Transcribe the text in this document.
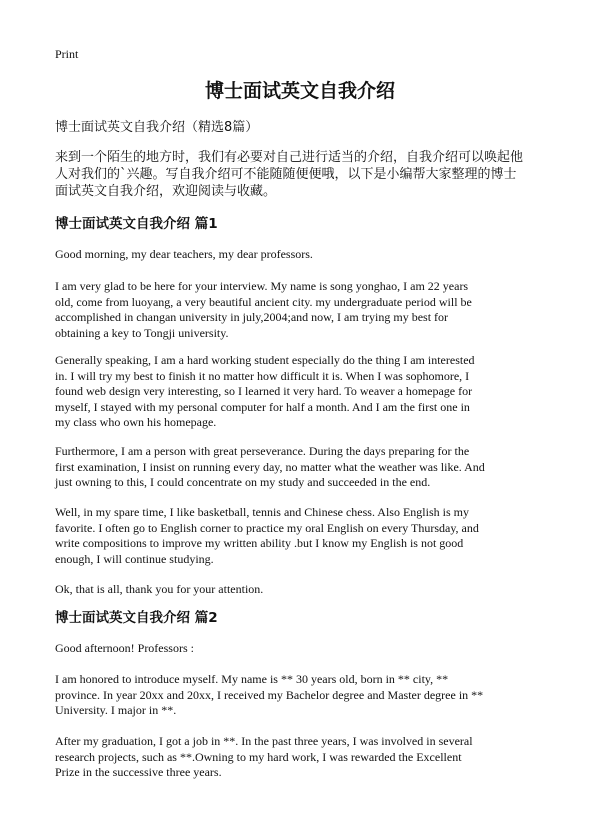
Print
博士面试英文自我介绍
博士面试英文自我介绍（精选8篇）
来到一个陌生的地方时，我们有必要对自己进行适当的介绍，自我介绍可以唤起他
人对我们的`兴趣。写自我介绍可不能随随便便哦，以下是小编帮大家整理的博士
面试英文自我介绍，欢迎阅读与收藏。
博士面试英文自我介绍 篇1
Good morning, my dear teachers, my dear professors.
I am very glad to be here for your interview. My name is song yonghao, I am 22 years
old, come from luoyang, a very beautiful ancient city. my undergraduate period will be
accomplished in changan university in july,2004;and now, I am trying my best for
obtaining a key to Tongji university.
Generally speaking, I am a hard working student especially do the thing I am interested
in. I will try my best to finish it no matter how difficult it is. When I was sophomore, I
found web design very interesting, so I learned it very hard. To weaver a homepage for
myself, I stayed with my personal computer for half a month. And I am the first one in
my class who own his homepage.
Furthermore, I am a person with great perseverance. During the days preparing for the
first examination, I insist on running every day, no matter what the weather was like. And
just owning to this, I could concentrate on my study and succeeded in the end.
Well, in my spare time, I like basketball, tennis and Chinese chess. Also English is my
favorite. I often go to English corner to practice my oral English on every Thursday, and
write compositions to improve my written ability .but I know my English is not good
enough, I will continue studying.
Ok, that is all, thank you for your attention.
博士面试英文自我介绍 篇2
Good afternoon! Professors :
I am honored to introduce myself. My name is ** 30 years old, born in ** city, **
province. In year 20xx and 20xx, I received my Bachelor degree and Master degree in **
University. I major in **.
After my graduation, I got a job in **. In the past three years, I was involved in several
research projects, such as **.Owning to my hard work, I was rewarded the Excellent
Prize in the successive three years.
